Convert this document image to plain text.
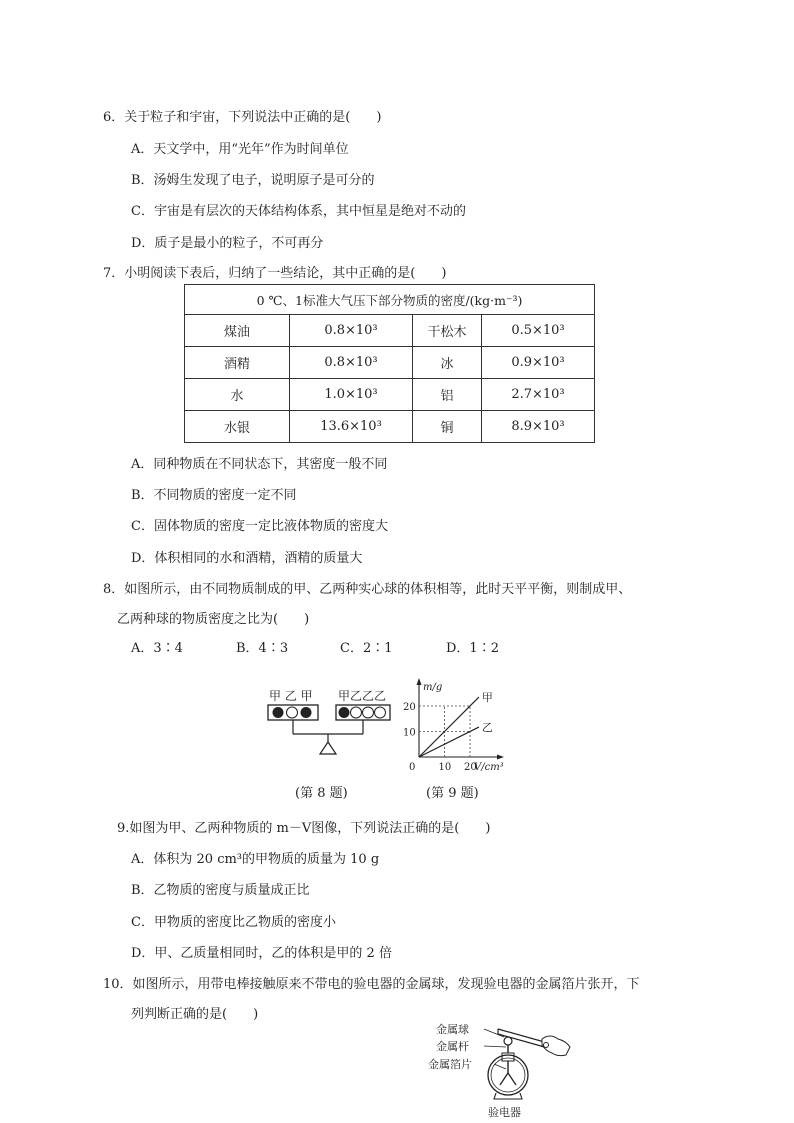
6．关于粒子和宇宙，下列说法中正确的是(　　)
A．天文学中，用“光年”作为时间单位
B．汤姆生发现了电子，说明原子是可分的
C．宇宙是有层次的天体结构体系，其中恒星是绝对不动的
D．质子是最小的粒子，不可再分
7．小明阅读下表后，归纳了一些结论，其中正确的是(　　)
0 ℃、1标准大气压下部分物质的密度/(kg·m⁻³)			
煤油	0.8×10³	干松木	0.5×10³
酒精	0.8×10³	冰	0.9×10³
水	1.0×10³	铝	2.7×10³
水银	13.6×10³	铜	8.9×10³
A．同种物质在不同状态下，其密度一般不同
B．不同物质的密度一定不同
C．固体物质的密度一定比液体物质的密度大
D．体积相同的水和酒精，酒精的质量大
8．如图所示，由不同物质制成的甲、乙两种实心球的体积相等，此时天平平衡，则制成甲、
乙两种球的物质密度之比为(　　)
A．3∶4	B．4∶3	C．2∶1	D．1∶2
甲 乙 甲 甲乙乙乙
m/g
V/cm³
甲
乙
20
10
0 10 20
(第 8 题)	(第 9 题)
9.如图为甲、乙两种物质的 m－V图像，下列说法正确的是(　　)
A．体积为 20 cm³的甲物质的质量为 10 g
B．乙物质的密度与质量成正比
C．甲物质的密度比乙物质的密度小
D．甲、乙质量相同时，乙的体积是甲的 2 倍
10．如图所示，用带电棒接触原来不带电的验电器的金属球，发现验电器的金属箔片张开，下
列判断正确的是(　　)
金属球
金属杆
金属箔片
验电器
